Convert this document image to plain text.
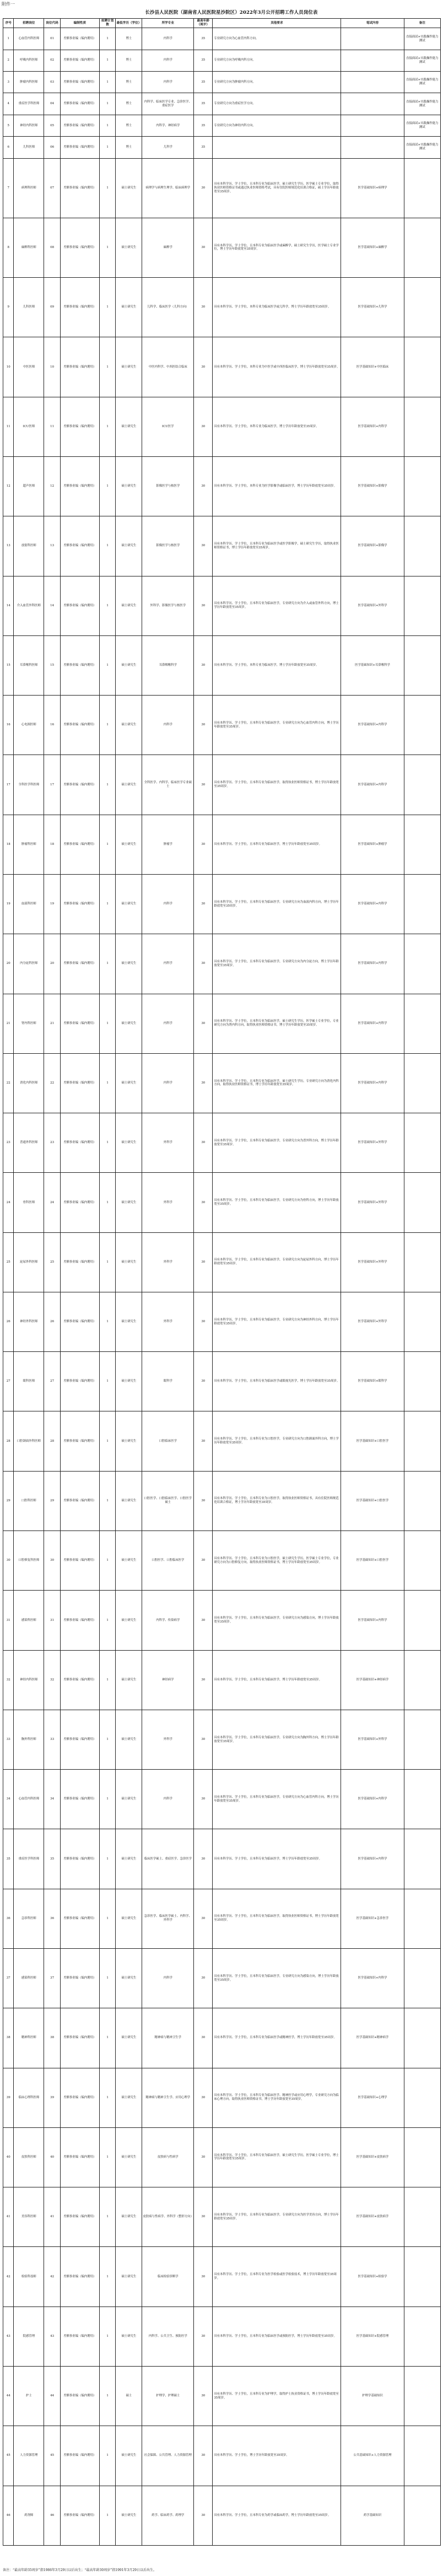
附件一
长沙县人民医院（湖南省人民医院星沙院区）2022年3月公开招聘工作人员岗位表
序号	招聘岗位	岗位代码	编制性质	拟聘计划数	最低学历（学位）	所学专业	最高年龄（周岁）	其他要求	笔试内容	备注
1	心血管内科医师	01	差额事业编（编内聘用）	1	博士	内科学	35	专业研究方向为心血管内科方向。		直接面试+实践操作能力测试
2	呼吸内科医师	02	差额事业编（编内聘用）	1	博士	内科学	35	专业研究方向为呼吸内科方向。		直接面试+实践操作能力测试
3	肿瘤内科医师	03	差额事业编（编内聘用）	1	博士	内科学	35	专业研究方向为肿瘤内科方向。		直接面试+实践操作能力测试
4	重症医学科医师	04	差额事业编（编内聘用）	1	博士	内科学、临床医学专业、急诊医学、重症医学	35	专业研究方向为重症医学方向。		直接面试+实践操作能力测试
5	神经内科医师	05	差额事业编（编内聘用）	1	博士	内科学、神经病学	35	专业研究方向为神经内科方向。		直接面试+实践操作能力测试
6	儿科医师	06	差额事业编（编内聘用）	1	博士	儿科学	35			直接面试+实践操作能力测试
7	病理科医师	07	差额事业编（编内聘用）	1	硕士研究生	病理学与病理生理学、临床病理学	30	具有本科学历、学士学位，且本科专业为临床医学，硕士研究生学历，医学硕士专业学位，取得执业医师资格证书或通过执业医师资格考试，具有住院医师规范化培训合格证，硕士学历年龄放宽至35周岁。	医学基础知识+病理学	
8	麻醉科医师	08	差额事业编（编内聘用）	1	硕士研究生	麻醉学	30	具有本科学历、学士学位，且本科专业为临床医学或麻醉学，硕士研究生学历，医学硕士专业学位，博士学历年龄放宽至35周岁。	医学基础知识+麻醉学	
9	儿科医师	09	差额事业编（编内聘用）	1	硕士研究生	儿科学、临床医学（儿科方向）	30	具有本科学历、学士学位，本科专业为临床医学或儿科学，博士学历年龄放宽至35周岁。	医学基础知识+儿科学	
10	中医医师	10	差额事业编（编内聘用）	1	硕士研究生	中医内科学、中西医结合临床	30	具有本科学历、学士学位，本科专业为中医学或中西医临床医学，博士学历年龄放宽至35周岁。	医学基础知识+中医临床	
11	ICU医师	11	差额事业编（编内聘用）	1	硕士研究生	ICU医学	30	具有本科学历、学士学位，本科专业为临床医学，博士学历年龄放宽至35周岁。	医学基础知识+内科学	
12	超声医师	12	差额事业编（编内聘用）	1	硕士研究生	影像医学与核医学	30	具有本科学历、学士学位，本科专业为医学影像学或临床医学，博士学历年龄放宽至35周岁。	医学基础知识+影像学	
13	放射科医师	13	差额事业编（编内聘用）	1	硕士研究生	影像医学与核医学	30	具有本科学历、学士学位，且本科专业为临床医学或医学影像学，硕士研究生学历，取得执业医师资格证书，博士学历年龄放宽至35周岁。	医学基础知识+影像学	
14	介入血管外科医师	14	差额事业编（编内聘用）	1	硕士研究生	外科学、影像医学与核医学	30	具有本科学历、学士学位，且本科专业为临床医学，专业研究方向为介入或血管外科方向，博士学历年龄放宽至35周岁。	医学基础知识+外科学	
15	耳鼻喉科医师	15	差额事业编（编内聘用）	1	硕士研究生	耳鼻咽喉科学	30	具有本科学历、学士学位，本科专业为临床医学，博士学历年龄放宽至35周岁。	医学基础知识+耳鼻喉科学	
16	心电图医师	16	差额事业编（编内聘用）	1	硕士研究生	内科学	30	具有本科学历、学士学位，且本科专业为临床医学，专业研究方向为心血管内科方向，博士学历年龄放宽至35周岁。	医学基础知识+内科学	
17	全科医学科医师	17	差额事业编（编内聘用）	1	硕士研究生	全科医学、内科学、临床医学专业硕士	30	具有本科学历、学士学位，且本科专业为临床医学，取得执业医师资格证书，博士学历年龄放宽至35周岁。	医学基础知识+内科学	
18	肿瘤科医师	18	差额事业编（编内聘用）	1	硕士研究生	肿瘤学	30	具有本科学历、学士学位，且本科专业为临床医学，博士学历年龄放宽至35周岁。	医学基础知识+肿瘤学	
19	血液科医师	19	差额事业编（编内聘用）	1	硕士研究生	内科学	30	具有本科学历、学士学位，且本科专业为临床医学，专业研究方向为血液内科方向，博士学历年龄放宽至35周岁。	医学基础知识+内科学	
20	内分泌科医师	20	差额事业编（编内聘用）	1	硕士研究生	内科学	30	具有本科学历、学士学位，且本科专业为临床医学，专业研究方向为内分泌方向，博士学历年龄放宽至35周岁。	医学基础知识+内科学	
21	肾内科医师	21	差额事业编（编内聘用）	1	硕士研究生	内科学	30	具有本科学历、学士学位，且本科专业为临床医学，硕士研究生学历，医学硕士专业学位，专业研究方向为肾内科方向，取得执业医师资格证书，博士学历年龄放宽至35周岁。	医学基础知识+内科学	
22	消化内科医师	22	差额事业编（编内聘用）	1	硕士研究生	内科学	30	具有本科学历、学士学位，且本科专业为临床医学，硕士研究生学历，专业研究方向为消化内科方向，取得执业医师资格证书，博士学历年龄放宽至35周岁。	医学基础知识+内科学	
23	普通外科医师	23	差额事业编（编内聘用）	1	硕士研究生	外科学	30	具有本科学历、学士学位，且本科专业为临床医学，专业研究方向为普外科方向，博士学历年龄放宽至35周岁。	医学基础知识+外科学	
24	骨科医师	24	差额事业编（编内聘用）	1	硕士研究生	外科学	30	具有本科学历、学士学位，且本科专业为临床医学，专业研究方向为骨科方向，博士学历年龄放宽至35周岁。	医学基础知识+外科学	
25	泌尿外科医师	25	差额事业编（编内聘用）	1	硕士研究生	外科学	30	具有本科学历、学士学位，且本科专业为临床医学，专业研究方向为泌尿外科方向，博士学历年龄放宽至35周岁。	医学基础知识+外科学	
26	神经外科医师	26	差额事业编（编内聘用）	1	硕士研究生	外科学	30	具有本科学历、学士学位，且本科专业为临床医学，专业研究方向为神经外科方向，博士学历年龄放宽至35周岁。	医学基础知识+外科学	
27	眼科医师	27	差额事业编（编内聘用）	1	硕士研究生	眼科学	30	具有本科学历、学士学位，且本科专业为临床医学或眼视光医学，博士学历年龄放宽至35周岁。	医学基础知识+眼科学	
28	口腔颌面外科医师	28	差额事业编（编内聘用）	1	硕士研究生	口腔临床医学	30	具有本科学历、学士学位，且本科专业为口腔医学，专业研究方向为口腔颌面外科方向，博士学历年龄放宽至35周岁。	医学基础知识+口腔医学	
29	口腔科医师	29	差额事业编（编内聘用）	1	硕士研究生	口腔医学、口腔临床医学、口腔医学硕士	30	具有本科学历、学士学位，且本科专业为口腔医学，取得执业医师资格证书，具有住院医师规范化培训合格证，博士学历年龄放宽至35周岁。	医学基础知识+口腔医学	
30	口腔修复科医师	30	差额事业编（编内聘用）	1	硕士研究生	口腔医学、口腔临床医学	30	具有本科学历、学士学位，且本科专业为口腔医学，硕士研究生学历，医学硕士专业学位，专业研究方向为口腔修复方向，取得执业医师资格证书，博士学历年龄放宽至35周岁。	医学基础知识+口腔医学	
31	感染科医师	31	差额事业编（编内聘用）	1	硕士研究生	内科学、传染病学	30	具有本科学历、学士学位，且本科专业为临床医学，专业研究方向为感染方向，博士学历年龄放宽至35周岁。	医学基础知识+内科学	
32	神经内科医师	32	差额事业编（编内聘用）	1	硕士研究生	神经病学	30	具有本科学历、学士学位，且本科专业为临床医学，博士学历年龄放宽至35周岁。	医学基础知识+神经病学	
33	胸外科医师	33	差额事业编（编内聘用）	1	硕士研究生	外科学	30	具有本科学历、学士学位，且本科专业为临床医学，专业研究方向为胸外科方向，博士学历年龄放宽至35周岁。	医学基础知识+外科学	
34	心血管内科医师	34	差额事业编（编内聘用）	1	硕士研究生	内科学	30	具有本科学历、学士学位，且本科专业为临床医学，专业研究方向为心血管内科方向，博士学历年龄放宽至35周岁。	医学基础知识+内科学	
35	重症医学科医师	35	差额事业编（编内聘用）	1	硕士研究生	临床医学硕士、重症医学、急诊医学	30	具有本科学历、学士学位，且本科专业为临床医学，博士学历年龄放宽至35周岁。	医学基础知识+内科学	
36	急诊科医师	36	差额事业编（编内聘用）	1	硕士研究生	急诊医学、临床医学硕士、内科学、外科学	30	具有本科学历、学士学位，且本科专业为临床医学，取得执业医师资格证书，博士学历年龄放宽至35周岁。	医学基础知识+急诊医学	
37	感染科医师	37	差额事业编（编内聘用）	1	硕士研究生	内科学	30	具有本科学历、学士学位，且本科专业为临床医学，专业研究方向为感染方向，博士学历年龄放宽至35周岁。	医学基础知识+内科学	
38	精神科医师	38	差额事业编（编内聘用）	1	硕士研究生	精神病与精神卫生学	30	具有本科学历、学士学位，且本科专业为临床医学或精神医学，博士学历年龄放宽至35周岁。	医学基础知识+精神病学	
39	临床心理科医师	39	差额事业编（编内聘用）	1	硕士研究生	精神病与精神卫生学、应用心理学	30	具有本科学历、学士学位，且本科专业为临床医学、精神医学或应用心理学，专业研究方向为临床心理方向，取得执业医师资格证书，博士学历年龄放宽至35周岁。	医学基础知识+心理学	
40	皮肤科医师	40	差额事业编（编内聘用）	1	硕士研究生	皮肤病与性病学	30	具有本科学历、学士学位，且本科专业为临床医学，硕士研究生学历，医学硕士专业学位，博士学历年龄放宽至35周岁。	医学基础知识+皮肤病学	
41	美容科医师	41	差额事业编（编内聘用）	1	硕士研究生	皮肤病与性病学、外科学（整形方向）	30	具有本科学历、学士学位，且本科专业为临床医学，专业研究方向为医学美容方向，博士学历年龄放宽至35周岁。	医学基础知识+皮肤病学	
42	检验科技师	42	差额事业编（编内聘用）	1	硕士研究生	临床检验诊断学	30	具有本科学历、学士学位，且本科专业为医学检验或医学检验技术，博士学历年龄放宽至35周岁。	医学基础知识+检验学	
43	院感管理	43	差额事业编（编内聘用）	1	硕士研究生	内科学、公共卫生、预防医学	30	具有本科学历、学士学位，且本科专业为临床医学或预防医学，博士学历年龄放宽至35周岁。	医学基础知识+院感管理	
44	护士	44	差额事业编（编内聘用）	1	硕士	护理学、护理硕士	30	具有本科学历、学士学位，且本科专业为护理学，取得护士执业资格证书，博士学历年龄放宽至35周岁。	护理学基础知识	
45	人力资源管理	45	差额事业编（编内聘用）	1	硕士研究生	社会保障、公共管理、人力资源管理	30	具有本科学历、学士学位，博士学历年龄放宽至35周岁。	公共基础知识+人力资源管理	
46	药剂师	46	差额事业编（编内聘用）	1	硕士研究生	药学、临床药学、药理学	30	具有本科学历、学士学位，且本科专业为药学或临床药学，博士学历年龄放宽至35周岁。	药学基础知识	
备注：“最高年龄35周岁”指1986年3月29日以后出生；“最高年龄30周岁”指1991年3月29日以后出生。
